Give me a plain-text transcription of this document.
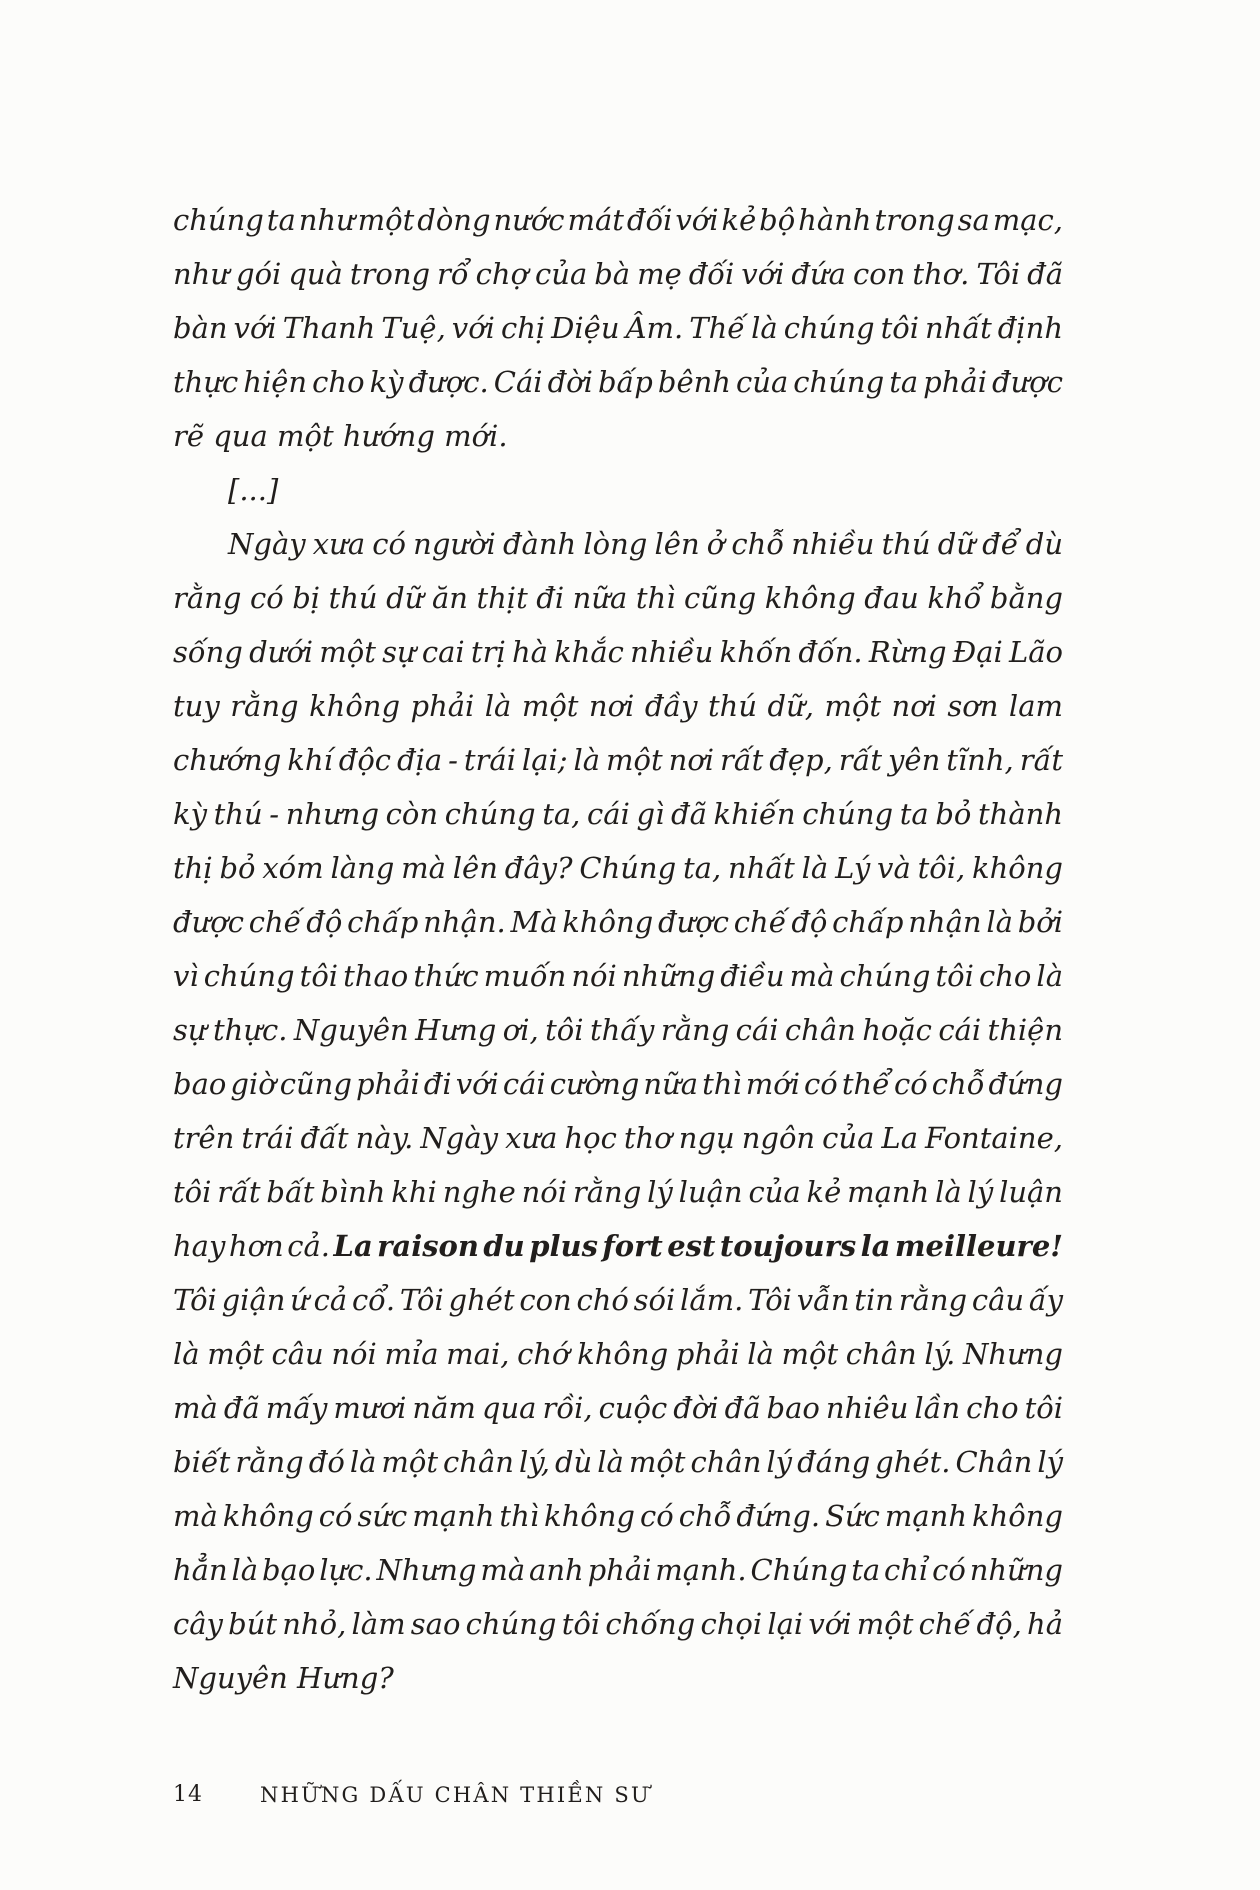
chúng ta như một dòng nước mát đối với kẻ bộ hành trong sa mạc,
như gói quà trong rổ chợ của bà mẹ đối với đứa con thơ. Tôi đã
bàn với Thanh Tuệ, với chị Diệu Âm. Thế là chúng tôi nhất định
thực hiện cho kỳ được. Cái đời bấp bênh của chúng ta phải được
rẽ qua một hướng mới.
[...]
Ngày xưa có người đành lòng lên ở chỗ nhiều thú dữ để dù
rằng có bị thú dữ ăn thịt đi nữa thì cũng không đau khổ bằng
sống dưới một sự cai trị hà khắc nhiều khốn đốn. Rừng Đại Lão
tuy rằng không phải là một nơi đầy thú dữ, một nơi sơn lam
chướng khí độc địa - trái lại; là một nơi rất đẹp, rất yên tĩnh, rất
kỳ thú - nhưng còn chúng ta, cái gì đã khiến chúng ta bỏ thành
thị bỏ xóm làng mà lên đây? Chúng ta, nhất là Lý và tôi, không
được chế độ chấp nhận. Mà không được chế độ chấp nhận là bởi
vì chúng tôi thao thức muốn nói những điều mà chúng tôi cho là
sự thực. Nguyên Hưng ơi, tôi thấy rằng cái chân hoặc cái thiện
bao giờ cũng phải đi với cái cường nữa thì mới có thể có chỗ đứng
trên trái đất này. Ngày xưa học thơ ngụ ngôn của La Fontaine,
tôi rất bất bình khi nghe nói rằng lý luận của kẻ mạnh là lý luận
hay hơn cả. La raison du plus fort est toujours la meilleure!
Tôi giận ứ cả cổ. Tôi ghét con chó sói lắm. Tôi vẫn tin rằng câu ấy
là một câu nói mỉa mai, chớ không phải là một chân lý. Nhưng
mà đã mấy mươi năm qua rồi, cuộc đời đã bao nhiêu lần cho tôi
biết rằng đó là một chân lý, dù là một chân lý đáng ghét. Chân lý
mà không có sức mạnh thì không có chỗ đứng. Sức mạnh không
hẳn là bạo lực. Nhưng mà anh phải mạnh. Chúng ta chỉ có những
cây bút nhỏ, làm sao chúng tôi chống chọi lại với một chế độ, hả
Nguyên Hưng?
14	NHỮNG DẤU CHÂN THIỀN SƯ
